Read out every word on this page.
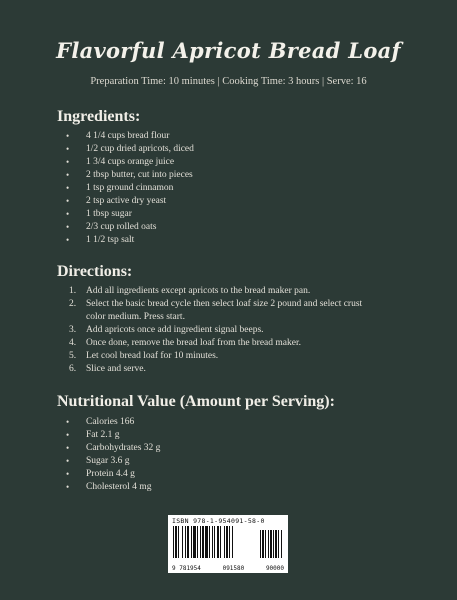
Flavorful Apricot Bread Loaf
Preparation Time: 10 minutes | Cooking Time: 3 hours | Serve: 16
Ingredients:
• 4 1/4 cups bread flour
• 1/2 cup dried apricots, diced
• 1 3/4 cups orange juice
• 2 tbsp butter, cut into pieces
• 1 tsp ground cinnamon
• 2 tsp active dry yeast
• 1 tbsp sugar
• 2/3 cup rolled oats
• 1 1/2 tsp salt
Directions:
1. Add all ingredients except apricots to the bread maker pan.
2. Select the basic bread cycle then select loaf size 2 pound and select crust color medium. Press start.
3. Add apricots once add ingredient signal beeps.
4. Once done, remove the bread loaf from the bread maker.
5. Let cool bread loaf for 10 minutes.
6. Slice and serve.
Nutritional Value (Amount per Serving):
• Calories 166
• Fat 2.1 g
• Carbohydrates 32 g
• Sugar 3.6 g
• Protein 4.4 g
• Cholesterol 4 mg
ISBN 978-1-954091-58-0
9 781954	091580	90000
